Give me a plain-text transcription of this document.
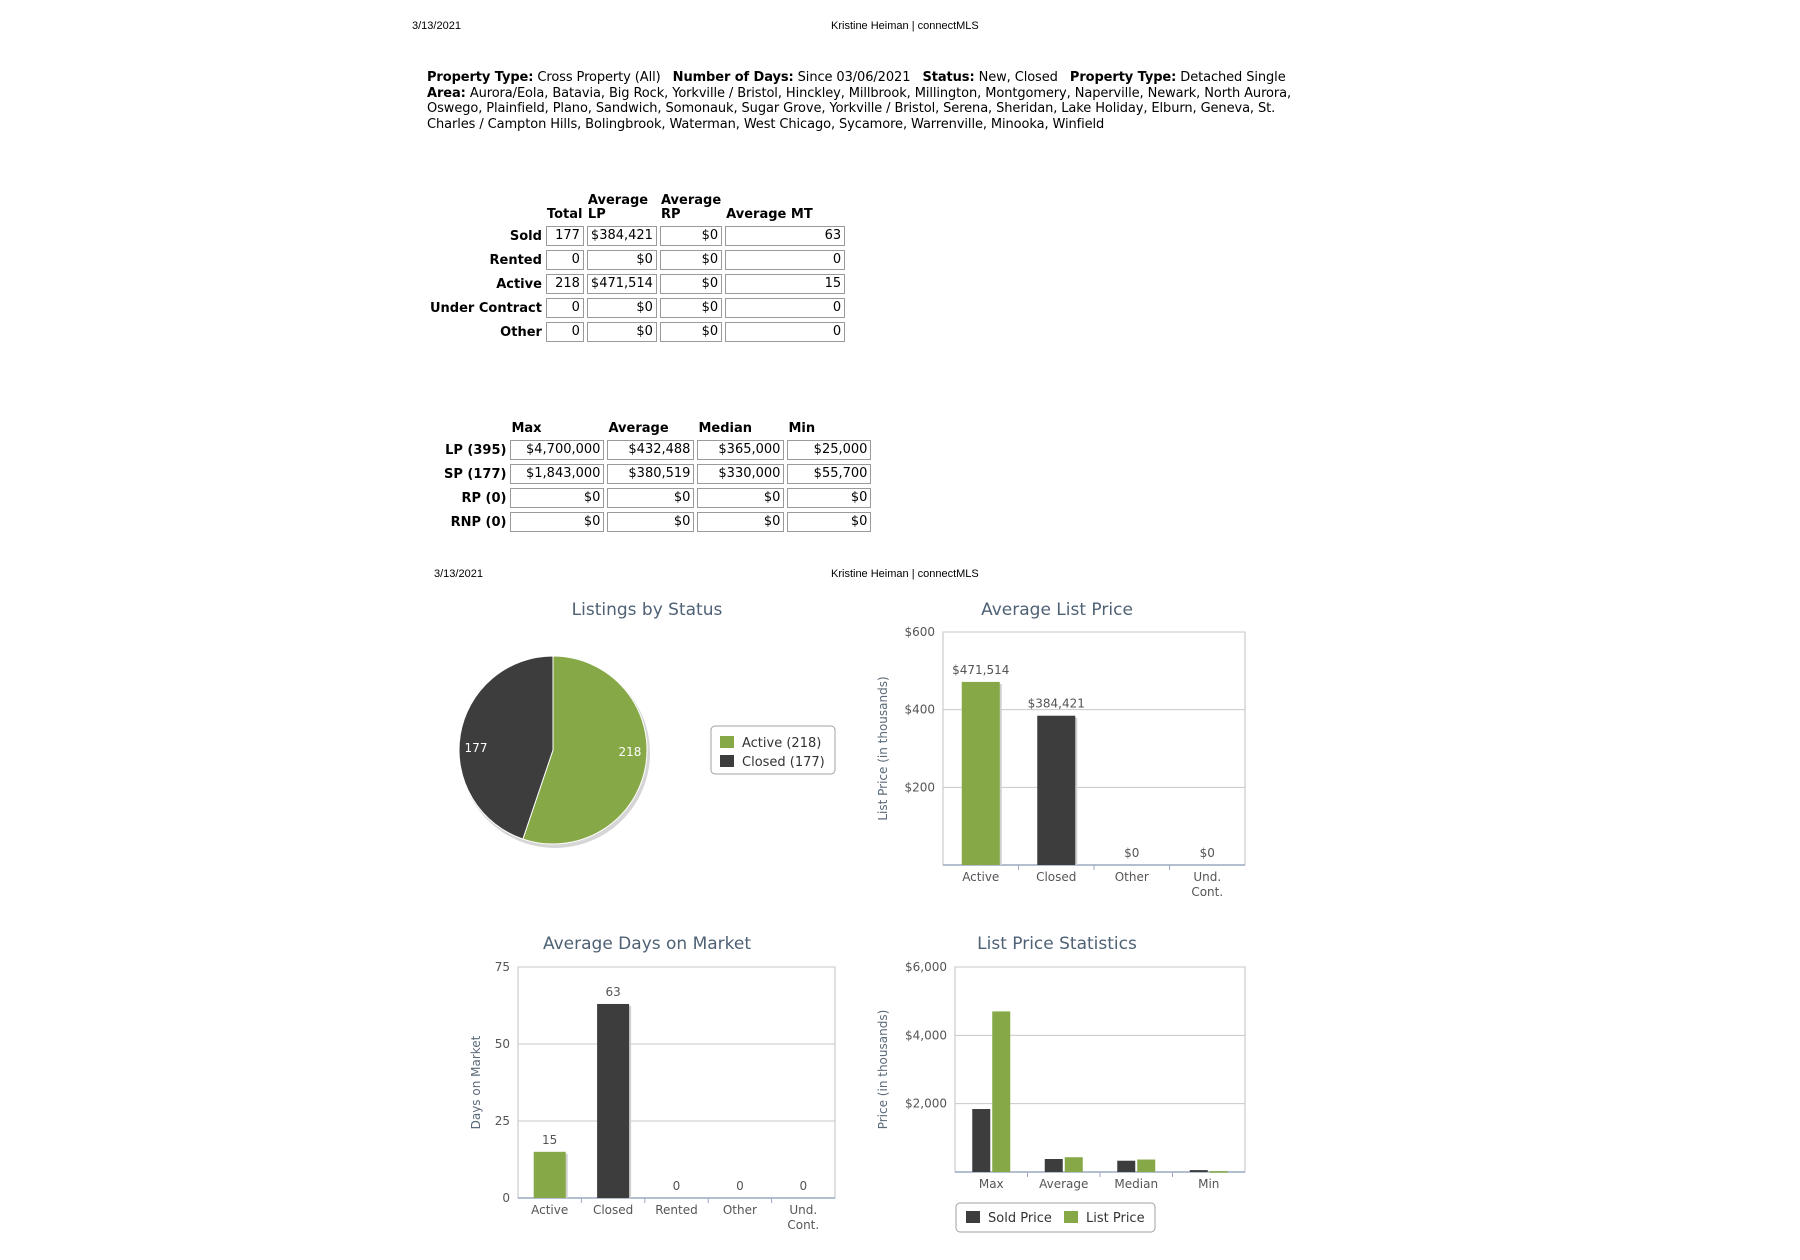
3/13/2021	Kristine Heiman | connectMLS
Property Type: Cross Property (All) Number of Days: Since 03/06/2021 Status: New, Closed Property Type: Detached Single   Area: Aurora/Eola, Batavia, Big Rock, Yorkville / Bristol, Hinckley, Millbrook, Millington, Montgomery, Naperville, Newark, North Aurora, Oswego, Plainfield, Plano, Sandwich, Somonauk, Sugar Grove, Yorkville / Bristol, Serena, Sheridan, Lake Holiday, Elburn, Geneva, St. Charles / Campton Hills, Bolingbrook, Waterman, West Chicago, Sycamore, Warrenville, Minooka, Winfield
	Total	Average LP	Average RP	Average MT
Sold	177	$384,421	$0	63
Rented	0	$0	$0	0
Active	218	$471,514	$0	15
Under Contract	0	$0	$0	0
Other	0	$0	$0	0
	Max	Average	Median	Min
LP (395)	$4,700,000	$432,488	$365,000	$25,000
SP (177)	$1,843,000	$380,519	$330,000	$55,700
RP (0)	$0	$0	$0	$0
RNP (0)	$0	$0	$0	$0
3/13/2021	Kristine Heiman | connectMLS
Listings by Status
218
177	Active (218)
Closed (177)
Average List Price
$200
$400
$600
List Price (in thousands)
Active
$471,514
Closed
$384,421
Other
$0
Und. Cont.
$0
Average Days on Market
0
25
50
75
Days on Market
Active
15
Closed
63
Rented
0
Other
0
Und. Cont.
0
List Price Statistics
$2,000
$4,000
$6,000
Price (in thousands)
Max	Average Median	Min
Sold Price	List Price
